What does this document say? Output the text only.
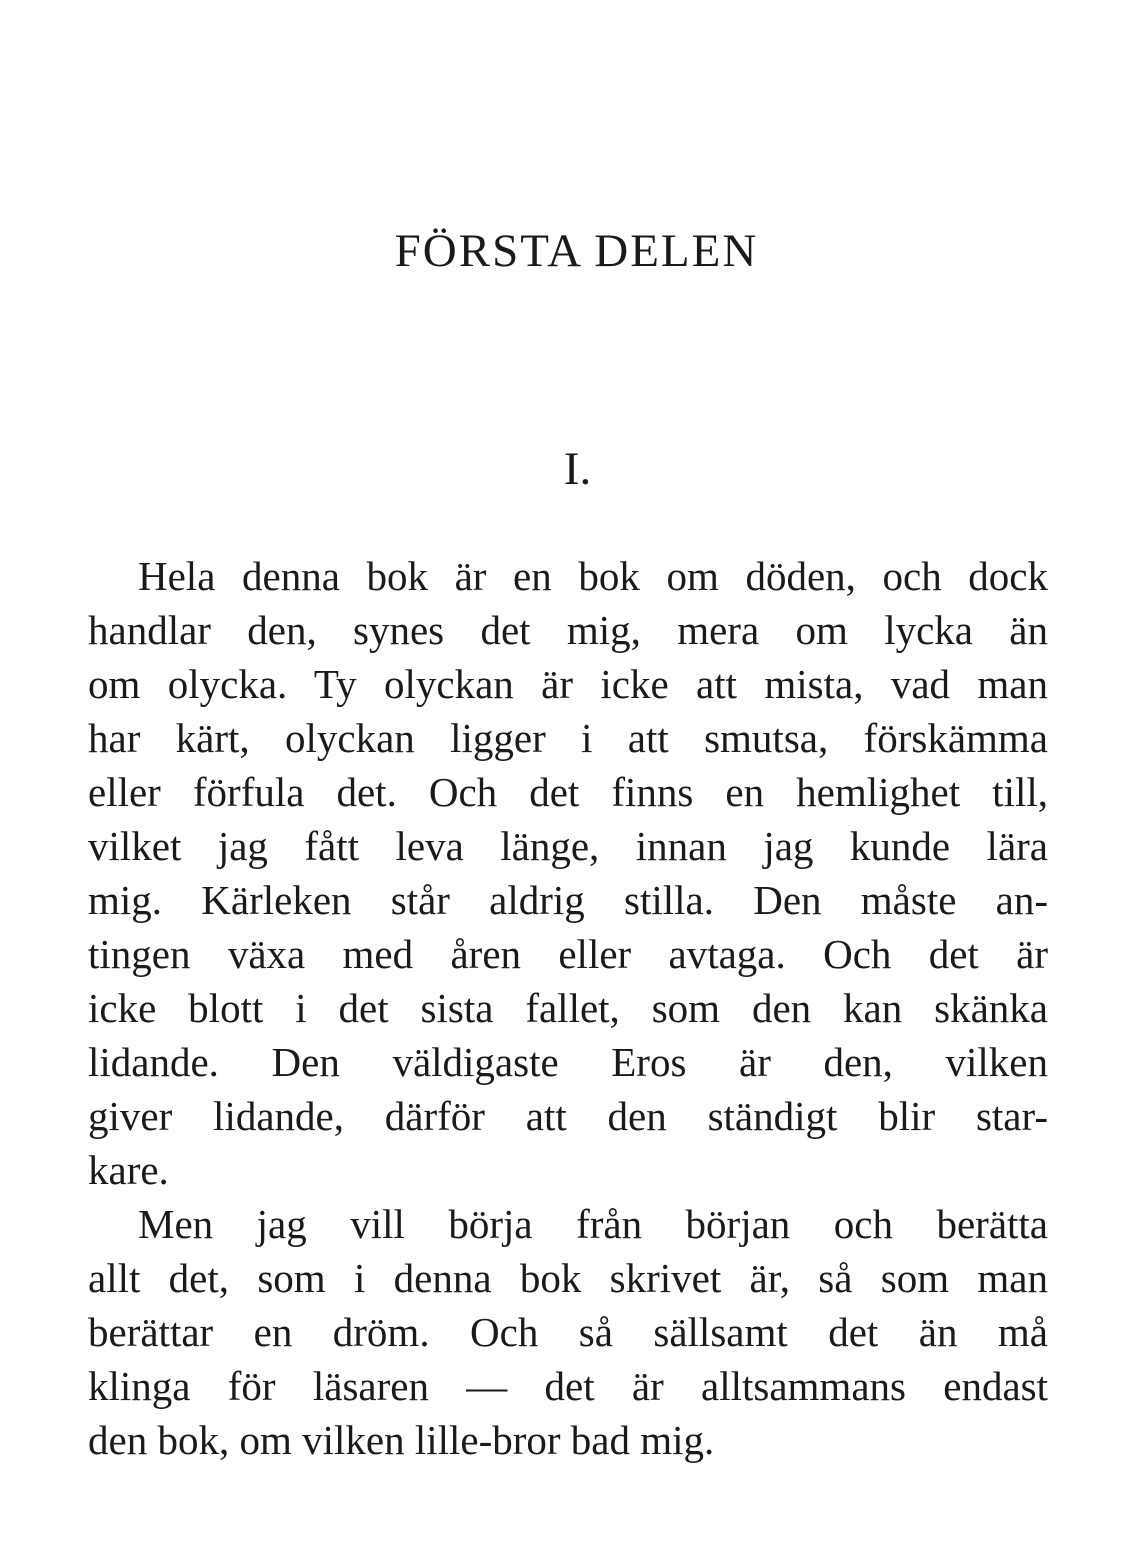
FÖRSTA DELEN
I.
Hela denna bok är en bok om döden, och dock
handlar den, synes det mig, mera om lycka än
om olycka. Ty olyckan är icke att mista, vad man
har kärt, olyckan ligger i att smutsa, förskämma
eller förfula det. Och det finns en hemlighet till,
vilket jag fått leva länge, innan jag kunde lära
mig. Kärleken står aldrig stilla. Den måste an-
tingen växa med åren eller avtaga. Och det är
icke blott i det sista fallet, som den kan skänka
lidande. Den väldigaste Eros är den, vilken
giver lidande, därför att den ständigt blir star-
kare.
Men jag vill börja från början och berätta
allt det, som i denna bok skrivet är, så som man
berättar en dröm. Och så sällsamt det än må
klinga för läsaren — det är alltsammans endast
den bok, om vilken lille-bror bad mig.
